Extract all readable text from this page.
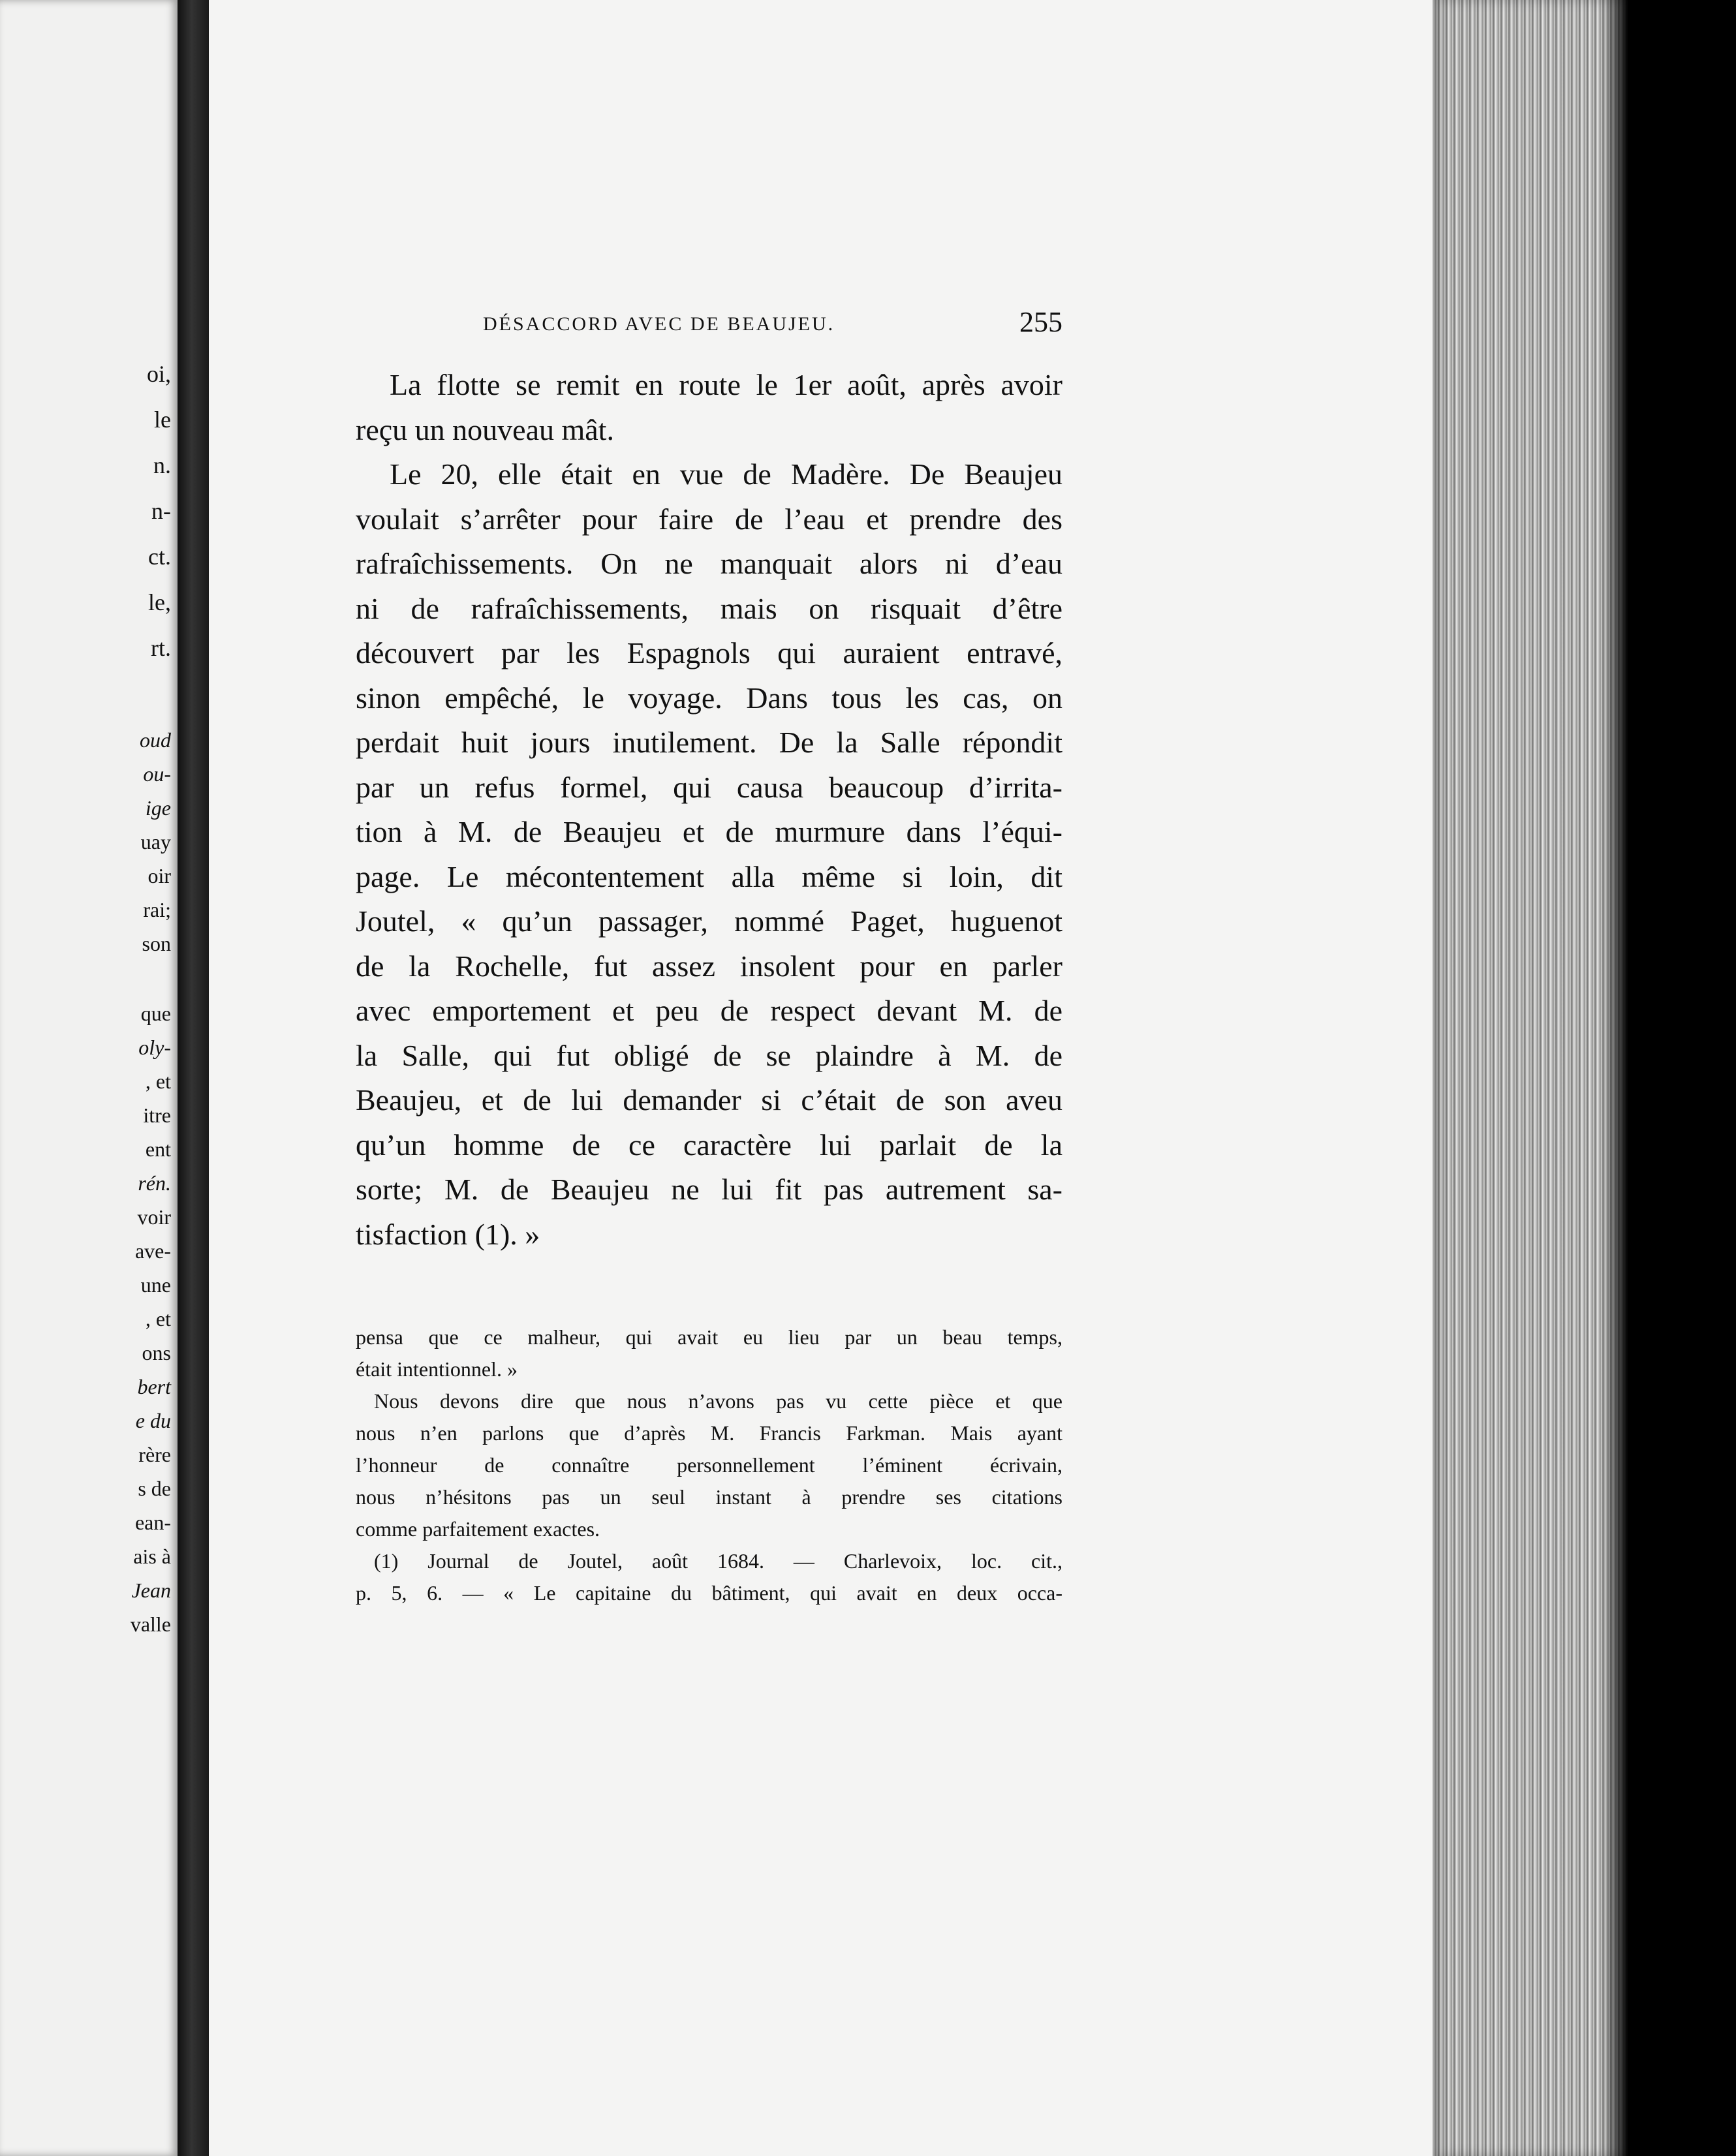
oi,
le
n.
n-
ct.
le,
rt.
oud
ou-
ige
uay
oir
rai;
son
que
oly-
, et
itre
ent
rén.
voir
ave-
une
, et
ons
bert
e du
rère
s de
ean-
ais à
Jean
valle
DÉSACCORD AVEC DE BEAUJEU.	255
La flotte se remit en route le 1er août, après avoir
reçu un nouveau mât.
Le 20, elle était en vue de Madère. De Beaujeu
voulait s’arrêter pour faire de l’eau et prendre des
rafraîchissements. On ne manquait alors ni d’eau
ni de rafraîchissements, mais on risquait d’être
découvert par les Espagnols qui auraient entravé,
sinon empêché, le voyage. Dans tous les cas, on
perdait huit jours inutilement. De la Salle répondit
par un refus formel, qui causa beaucoup d’irrita-
tion à M. de Beaujeu et de murmure dans l’équi-
page. Le mécontentement alla même si loin, dit
Joutel, « qu’un passager, nommé Paget, huguenot
de la Rochelle, fut assez insolent pour en parler
avec emportement et peu de respect devant M. de
la Salle, qui fut obligé de se plaindre à M. de
Beaujeu, et de lui demander si c’était de son aveu
qu’un homme de ce caractère lui parlait de la
sorte; M. de Beaujeu ne lui fit pas autrement sa-
tisfaction (1). »
pensa que ce malheur, qui avait eu lieu par un beau temps,
était intentionnel. »
Nous devons dire que nous n’avons pas vu cette pièce et que
nous n’en parlons que d’après M. Francis Farkman. Mais ayant
l’honneur de connaître personnellement l’éminent écrivain,
nous n’hésitons pas un seul instant à prendre ses citations
comme parfaitement exactes.
(1) Journal de Joutel, août 1684. — Charlevoix, loc. cit.,
p. 5, 6. — « Le capitaine du bâtiment, qui avait en deux occa-
